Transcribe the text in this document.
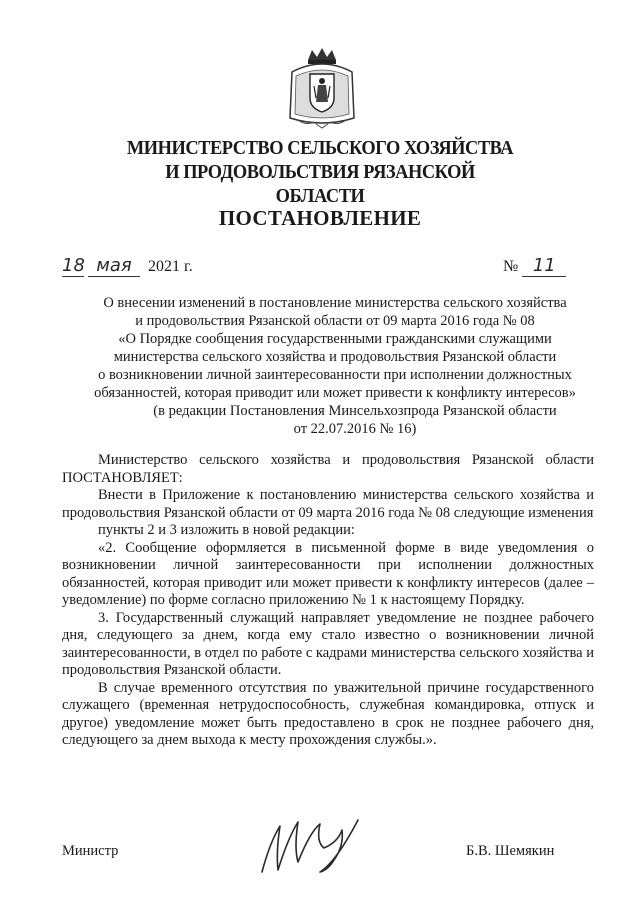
МИНИСТЕРСТВО СЕЛЬСКОГО ХОЗЯЙСТВА
И ПРОДОВОЛЬСТВИЯ РЯЗАНСКОЙ ОБЛАСТИ
ПОСТАНОВЛЕНИЕ
18 мая 2021 г.	№ 11
О внесении изменений в постановление министерства сельского хозяйства
и продовольствия Рязанской области от 09 марта 2016 года № 08
«О Порядке сообщения государственными гражданскими служащими
министерства сельского хозяйства и продовольствия Рязанской области
о возникновении личной заинтересованности при исполнении должностных
обязанностей, которая приводит или может привести к конфликту интересов»
(в редакции Постановления Минсельхозпрода Рязанской области
от 22.07.2016 № 16)

Министерство сельского хозяйства и продовольствия Рязанской области ПОСТАНОВЛЯЕТ:

Внести в Приложение к постановлению министерства сельского хозяйства и продовольствия Рязанской области от 09 марта 2016 года № 08 следующие изменения

пункты 2 и 3 изложить в новой редакции:

«2. Сообщение оформляется в письменной форме в виде уведомления о возникновении личной заинтересованности при исполнении должностных обязанностей, которая приводит или может привести к конфликту интересов (далее – уведомление) по форме согласно приложению № 1 к настоящему Порядку.

3. Государственный служащий направляет уведомление не позднее рабочего дня, следующего за днем, когда ему стало известно о возникновении личной заинтересованности, в отдел по работе с кадрами министерства сельского хозяйства и продовольствия Рязанской области.

В случае временного отсутствия по уважительной причине государственного служащего (временная нетрудоспособность, служебная командировка, отпуск и другое) уведомление может быть предоставлено в срок не позднее рабочего дня, следующего за днем выхода к месту прохождения службы.».

Министр	Б.В. Шемякин
